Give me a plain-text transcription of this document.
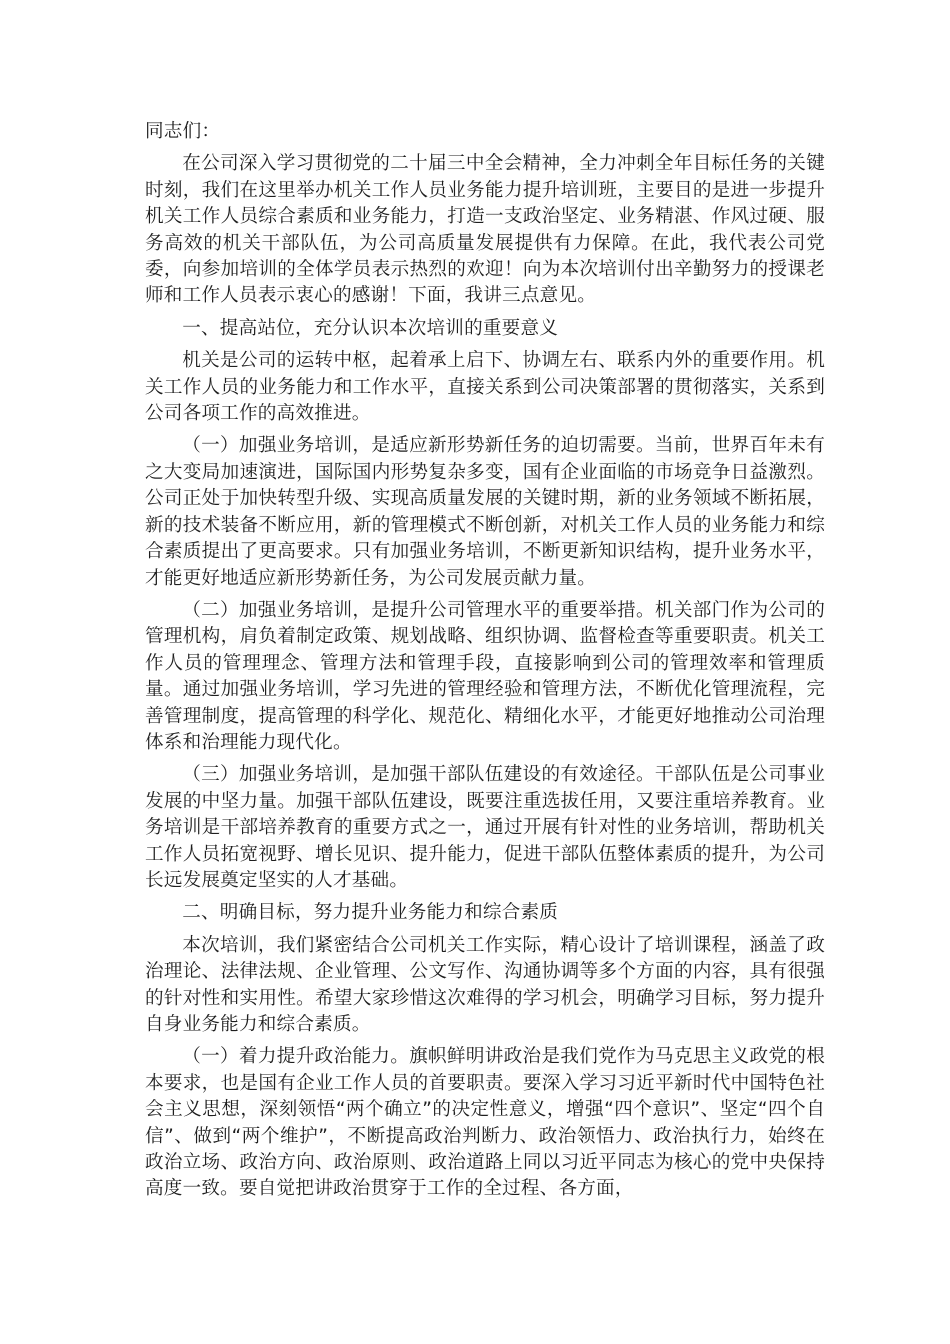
同志们：

在公司深入学习贯彻党的二十届三中全会精神，全力冲刺全年目标任务的关键时刻，我们在这里举办机关工作人员业务能力提升培训班，主要目的是进一步提升机关工作人员综合素质和业务能力，打造一支政治坚定、业务精湛、作风过硬、服务高效的机关干部队伍，为公司高质量发展提供有力保障。在此，我代表公司党委，向参加培训的全体学员表示热烈的欢迎！向为本次培训付出辛勤努力的授课老师和工作人员表示衷心的感谢！下面，我讲三点意见。

一、提高站位，充分认识本次培训的重要意义

机关是公司的运转中枢，起着承上启下、协调左右、联系内外的重要作用。机关工作人员的业务能力和工作水平，直接关系到公司决策部署的贯彻落实，关系到公司各项工作的高效推进。

（一）加强业务培训，是适应新形势新任务的迫切需要。当前，世界百年未有之大变局加速演进，国际国内形势复杂多变，国有企业面临的市场竞争日益激烈。公司正处于加快转型升级、实现高质量发展的关键时期，新的业务领域不断拓展，新的技术装备不断应用，新的管理模式不断创新，对机关工作人员的业务能力和综合素质提出了更高要求。只有加强业务培训，不断更新知识结构，提升业务水平，才能更好地适应新形势新任务，为公司发展贡献力量。

（二）加强业务培训，是提升公司管理水平的重要举措。机关部门作为公司的管理机构，肩负着制定政策、规划战略、组织协调、监督检查等重要职责。机关工作人员的管理理念、管理方法和管理手段，直接影响到公司的管理效率和管理质量。通过加强业务培训，学习先进的管理经验和管理方法，不断优化管理流程，完善管理制度，提高管理的科学化、规范化、精细化水平，才能更好地推动公司治理体系和治理能力现代化。

（三）加强业务培训，是加强干部队伍建设的有效途径。干部队伍是公司事业发展的中坚力量。加强干部队伍建设，既要注重选拔任用，又要注重培养教育。业务培训是干部培养教育的重要方式之一，通过开展有针对性的业务培训，帮助机关工作人员拓宽视野、增长见识、提升能力，促进干部队伍整体素质的提升，为公司长远发展奠定坚实的人才基础。

二、明确目标，努力提升业务能力和综合素质

本次培训，我们紧密结合公司机关工作实际，精心设计了培训课程，涵盖了政治理论、法律法规、企业管理、公文写作、沟通协调等多个方面的内容，具有很强的针对性和实用性。希望大家珍惜这次难得的学习机会，明确学习目标，努力提升自身业务能力和综合素质。

（一）着力提升政治能力。旗帜鲜明讲政治是我们党作为马克思主义政党的根本要求，也是国有企业工作人员的首要职责。要深入学习习近平新时代中国特色社会主义思想，深刻领悟“两个确立”的决定性意义，增强“四个意识”、坚定“四个自信”、做到“两个维护”，不断提高政治判断力、政治领悟力、政治执行力，始终在政治立场、政治方向、政治原则、政治道路上同以习近平同志为核心的党中央保持高度一致。要自觉把讲政治贯穿于工作的全过程、各方面，
